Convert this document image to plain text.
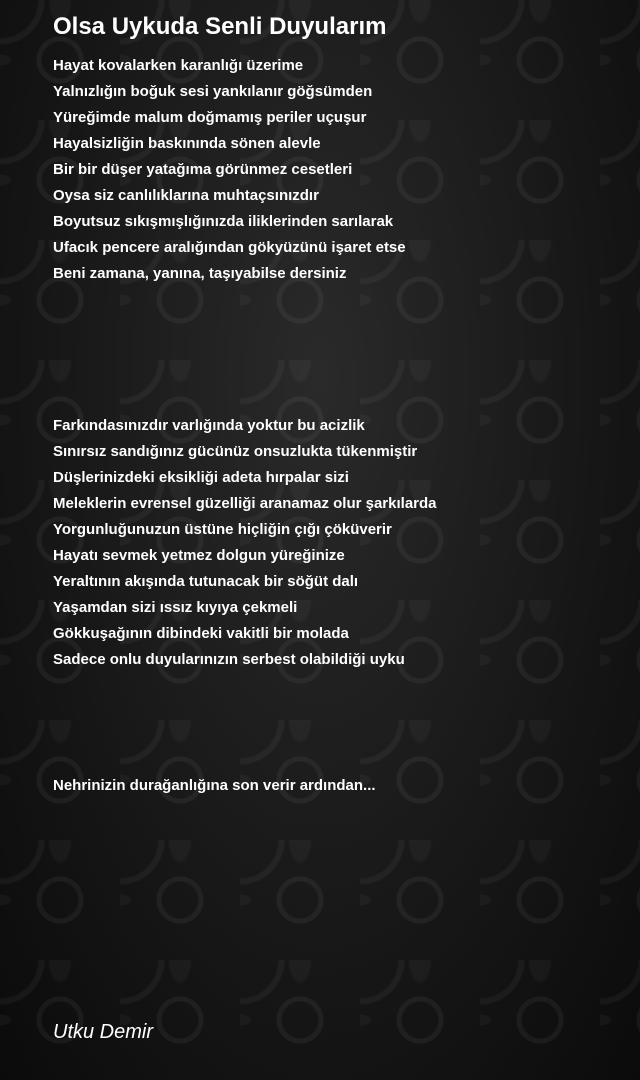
Olsa Uykuda Senli Duyularım
Hayat kovalarken karanlığı üzerime
Yalnızlığın boğuk sesi yankılanır göğsümden
Yüreğimde malum doğmamış periler uçuşur
Hayalsizliğin baskınında sönen alevle
Bir bir düşer yatağıma görünmez cesetleri
Oysa siz canlılıklarına muhtaçsınızdır
Boyutsuz sıkışmışlığınızda iliklerinden sarılarak
Ufacık pencere aralığından gökyüzünü işaret etse
Beni zamana, yanına, taşıyabilse dersiniz
Farkındasınızdır varlığında yoktur bu acizlik
Sınırsız sandığınız gücünüz onsuzlukta tükenmiştir
Düşlerinizdeki eksikliği adeta hırpalar sizi
Meleklerin evrensel güzelliği aranamaz olur şarkılarda
Yorgunluğunuzun üstüne hiçliğin çığı çöküverir
Hayatı sevmek yetmez dolgun yüreğinize
Yeraltının akışında tutunacak bir söğüt dalı
Yaşamdan sizi ıssız kıyıya çekmeli
Gökkuşağının dibindeki vakitli bir molada
Sadece onlu duyularınızın serbest olabildiği uyku
Nehrinizin durağanlığına son verir ardından...
Utku Demir
